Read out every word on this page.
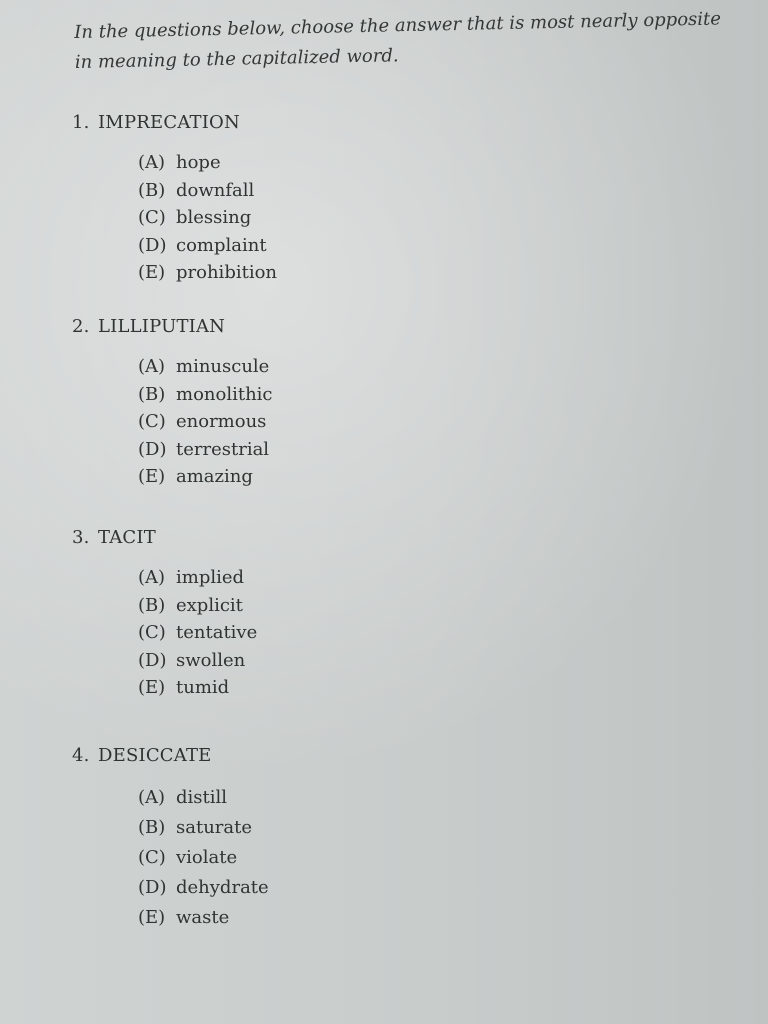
In the questions below, choose the answer that is most nearly opposite
in meaning to the capitalized word.
1. IMPRECATION
(A) hope
(B) downfall
(C) blessing
(D) complaint
(E) prohibition
2. LILLIPUTIAN
(A) minuscule
(B) monolithic
(C) enormous
(D) terrestrial
(E) amazing
3. TACIT
(A) implied
(B) explicit
(C) tentative
(D) swollen
(E) tumid
4. DESICCATE
(A) distill
(B) saturate
(C) violate
(D) dehydrate
(E) waste
